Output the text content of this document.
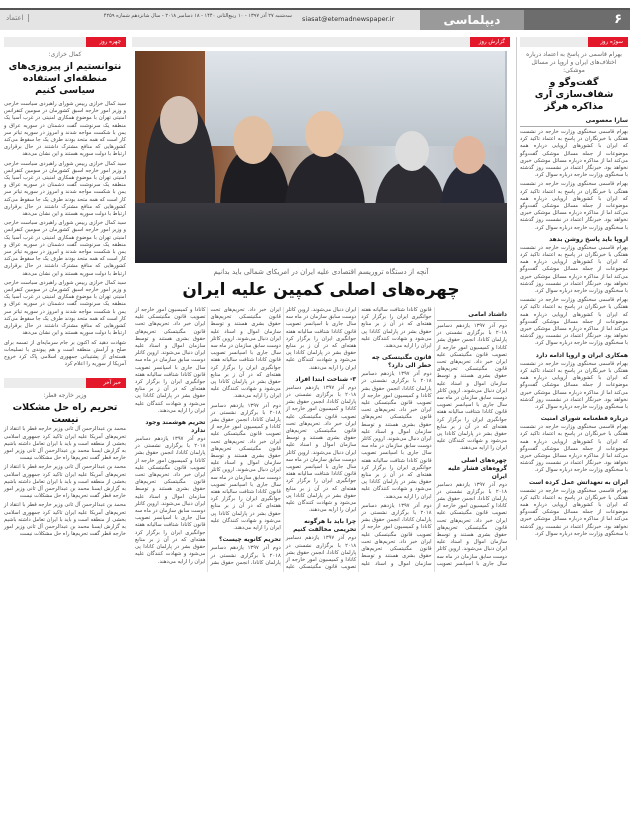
۶
دیپلماسی
siasat@etemadnewspaper.ir
سه‌شنبه ۲۷ آذر ۱۳۹۷ - ۱۰ ربیع‌الثانی ۱۴۴۰ - ۱۸ دسامبر ۲۰۱۸ - سال شانزدهم شماره ۴۲۵۹
اعتماد
چهره روز
کمال خرازی:
نتوانستیم از پیروزی‌های منطقه‌ای استفاده سیاسی کنیم

سید کمال خرازی رییس شورای راهبردی سیاست خارجی و وزیر امور خارجه اسبق کشورمان در سومین کنفرانس امنیتی تهران با موضوع همکاری امنیتی در غرب آسیا یک منطقه یک سرنوشت گفت دشمنان در سوریه عراق و یمن با شکست مواجه شدند و امروز در سوریه تیاتر سر کار است که همه متحد بودند طرف یک جا سقوط می‌کند کشورهایی که منافع مشترک داشتند در حال برقراری ارتباط با دولت سوریه هستند و این نشان می‌دهد

سید کمال خرازی رییس شورای راهبردی سیاست خارجی و وزیر امور خارجه اسبق کشورمان در سومین کنفرانس امنیتی تهران با موضوع همکاری امنیتی در غرب آسیا یک منطقه یک سرنوشت گفت دشمنان در سوریه عراق و یمن با شکست مواجه شدند و امروز در سوریه تیاتر سر کار است که همه متحد بودند طرف یک جا سقوط می‌کند کشورهایی که منافع مشترک داشتند در حال برقراری ارتباط با دولت سوریه هستند و این نشان می‌دهد

سید کمال خرازی رییس شورای راهبردی سیاست خارجی و وزیر امور خارجه اسبق کشورمان در سومین کنفرانس امنیتی تهران با موضوع همکاری امنیتی در غرب آسیا یک منطقه یک سرنوشت گفت دشمنان در سوریه عراق و یمن با شکست مواجه شدند و امروز در سوریه تیاتر سر کار است که همه متحد بودند طرف یک جا سقوط می‌کند کشورهایی که منافع مشترک داشتند در حال برقراری ارتباط با دولت سوریه هستند و این نشان می‌دهد

سید کمال خرازی رییس شورای راهبردی سیاست خارجی و وزیر امور خارجه اسبق کشورمان در سومین کنفرانس امنیتی تهران با موضوع همکاری امنیتی در غرب آسیا یک منطقه یک سرنوشت گفت دشمنان در سوریه عراق و یمن با شکست مواجه شدند و امروز در سوریه تیاتر سر کار است که همه متحد بودند طرف یک جا سقوط می‌کند کشورهایی که منافع مشترک داشتند در حال برقراری ارتباط با دولت سوریه هستند و این نشان می‌دهد

شهادت دهید که اکنون بر جام سرمایه‌ای از تسمه برای صلح و آرامش منطقه است و هم‌ پیوندی با تسلیحات هسته‌ای از پشتیبانی جمهوری اسلامی پاک کرد خروج آمریکا از سوریه را اعلام کرد

خبر آخر
وزیر خارجه قطر:
تحریم راه حل مشکلات نیست

محمد بن عبدالرحمن آل ثانی وزیر خارجه قطر با انتقاد از تحریم‌های آمریکا علیه ایران تاکید کرد جمهوری اسلامی بخشی از منطقه است و باید با ایران تعامل داشته باشیم به گزارش ایسنا محمد بن عبدالرحمن آل ثانی وزیر امور خارجه قطر گفت تحریم‌ها راه حل مشکلات نیست

محمد بن عبدالرحمن آل ثانی وزیر خارجه قطر با انتقاد از تحریم‌های آمریکا علیه ایران تاکید کرد جمهوری اسلامی بخشی از منطقه است و باید با ایران تعامل داشته باشیم به گزارش ایسنا محمد بن عبدالرحمن آل ثانی وزیر امور خارجه قطر گفت تحریم‌ها راه حل مشکلات نیست

محمد بن عبدالرحمن آل ثانی وزیر خارجه قطر با انتقاد از تحریم‌های آمریکا علیه ایران تاکید کرد جمهوری اسلامی بخشی از منطقه است و باید با ایران تعامل داشته باشیم به گزارش ایسنا محمد بن عبدالرحمن آل ثانی وزیر امور خارجه قطر گفت تحریم‌ها راه حل مشکلات نیست

گزارش روز
آنچه از دستگاه تروریسم اقتصادی علیه ایران در امریکای شمالی باید بدانیم
چهره‌های اصلی کمپین علیه ایران
داشتاد امامی

دوم آذر ۱۳۹۷ یازدهم دسامبر ۲۰۱۸ با برگزاری نشستی در پارلمان کانادا، انجمن حقوق بشر کانادا و کمیسیون امور خارجه از تصویب قانون مگنیتسکی علیه ایران خبر داد. تحریم‌های تحت قانون مگنیتسکی تحریم‌های حقوق بشری هستند و توسط سازمان اموال و اسناد علیه ایران دنبال می‌شوند. اروین کاتلر دوست سابق سازمان در ماه سه سال جاری با اسپانسر تصویب قانون کانادا شتافت سالیانه هفته جوانگیری ایران را برگزار کرد هفته‌ای که در آن ز بر منابع حقوق بشر در پارلمان کانادا پی می‌شود و شهادت کنندگان علیه ایران را ارایه می‌دهند.

چهره‌های اصلی گروه‌های فشار علیه ایران

دوم آذر ۱۳۹۷ یازدهم دسامبر ۲۰۱۸ با برگزاری نشستی در پارلمان کانادا، انجمن حقوق بشر کانادا و کمیسیون امور خارجه از تصویب قانون مگنیتسکی علیه ایران خبر داد. تحریم‌های تحت قانون مگنیتسکی تحریم‌های حقوق بشری هستند و توسط سازمان اموال و اسناد علیه ایران دنبال می‌شوند. اروین کاتلر دوست سابق سازمان در ماه سه سال جاری با اسپانسر تصویب قانون کانادا شتافت سالیانه هفته جوانگیری ایران را برگزار کرد هفته‌ای که در آن ز بر منابع حقوق بشر در پارلمان کانادا پی می‌شود و شهادت کنندگان علیه ایران را ارایه می‌دهند.

قانون مگنیتسکی چه خطر الی دارد؟

دوم آذر ۱۳۹۷ یازدهم دسامبر ۲۰۱۸ با برگزاری نشستی در پارلمان کانادا، انجمن حقوق بشر کانادا و کمیسیون امور خارجه از تصویب قانون مگنیتسکی علیه ایران خبر داد. تحریم‌های تحت قانون مگنیتسکی تحریم‌های حقوق بشری هستند و توسط سازمان اموال و اسناد علیه ایران دنبال می‌شوند. اروین کاتلر دوست سابق سازمان در ماه سه سال جاری با اسپانسر تصویب قانون کانادا شتافت سالیانه هفته جوانگیری ایران را برگزار کرد هفته‌ای که در آن ز بر منابع حقوق بشر در پارلمان کانادا پی می‌شود و شهادت کنندگان علیه ایران را ارایه می‌دهند.

دوم آذر ۱۳۹۷ یازدهم دسامبر ۲۰۱۸ با برگزاری نشستی در پارلمان کانادا، انجمن حقوق بشر کانادا و کمیسیون امور خارجه از تصویب قانون مگنیتسکی علیه ایران خبر داد. تحریم‌های تحت قانون مگنیتسکی تحریم‌های حقوق بشری هستند و توسط سازمان اموال و اسناد علیه ایران دنبال می‌شوند. اروین کاتلر دوست سابق سازمان در ماه سه سال جاری با اسپانسر تصویب قانون کانادا شتافت سالیانه هفته جوانگیری ایران را برگزار کرد هفته‌ای که در آن ز بر منابع حقوق بشر در پارلمان کانادا پی می‌شود و شهادت کنندگان علیه ایران را ارایه می‌دهند.

۳- شناخت ابتدا افراد

دوم آذر ۱۳۹۷ یازدهم دسامبر ۲۰۱۸ با برگزاری نشستی در پارلمان کانادا، انجمن حقوق بشر کانادا و کمیسیون امور خارجه از تصویب قانون مگنیتسکی علیه ایران خبر داد. تحریم‌های تحت قانون مگنیتسکی تحریم‌های حقوق بشری هستند و توسط سازمان اموال و اسناد علیه ایران دنبال می‌شوند. اروین کاتلر دوست سابق سازمان در ماه سه سال جاری با اسپانسر تصویب قانون کانادا شتافت سالیانه هفته جوانگیری ایران را برگزار کرد هفته‌ای که در آن ز بر منابع حقوق بشر در پارلمان کانادا پی می‌شود و شهادت کنندگان علیه ایران را ارایه می‌دهند.

چرا باید با هرگونه تحریمی مخالفت کنیم

دوم آذر ۱۳۹۷ یازدهم دسامبر ۲۰۱۸ با برگزاری نشستی در پارلمان کانادا، انجمن حقوق بشر کانادا و کمیسیون امور خارجه از تصویب قانون مگنیتسکی علیه ایران خبر داد. تحریم‌های تحت قانون مگنیتسکی تحریم‌های حقوق بشری هستند و توسط سازمان اموال و اسناد علیه ایران دنبال می‌شوند. اروین کاتلر دوست سابق سازمان در ماه سه سال جاری با اسپانسر تصویب قانون کانادا شتافت سالیانه هفته جوانگیری ایران را برگزار کرد هفته‌ای که در آن ز بر منابع حقوق بشر در پارلمان کانادا پی می‌شود و شهادت کنندگان علیه ایران را ارایه می‌دهند.

دوم آذر ۱۳۹۷ یازدهم دسامبر ۲۰۱۸ با برگزاری نشستی در پارلمان کانادا، انجمن حقوق بشر کانادا و کمیسیون امور خارجه از تصویب قانون مگنیتسکی علیه ایران خبر داد. تحریم‌های تحت قانون مگنیتسکی تحریم‌های حقوق بشری هستند و توسط سازمان اموال و اسناد علیه ایران دنبال می‌شوند. اروین کاتلر دوست سابق سازمان در ماه سه سال جاری با اسپانسر تصویب قانون کانادا شتافت سالیانه هفته جوانگیری ایران را برگزار کرد هفته‌ای که در آن ز بر منابع حقوق بشر در پارلمان کانادا پی می‌شود و شهادت کنندگان علیه ایران را ارایه می‌دهند.

تحریم کانویه چیست؟

دوم آذر ۱۳۹۷ یازدهم دسامبر ۲۰۱۸ با برگزاری نشستی در پارلمان کانادا، انجمن حقوق بشر کانادا و کمیسیون امور خارجه از تصویب قانون مگنیتسکی علیه ایران خبر داد. تحریم‌های تحت قانون مگنیتسکی تحریم‌های حقوق بشری هستند و توسط سازمان اموال و اسناد علیه ایران دنبال می‌شوند. اروین کاتلر دوست سابق سازمان در ماه سه سال جاری با اسپانسر تصویب قانون کانادا شتافت سالیانه هفته جوانگیری ایران را برگزار کرد هفته‌ای که در آن ز بر منابع حقوق بشر در پارلمان کانادا پی می‌شود و شهادت کنندگان علیه ایران را ارایه می‌دهند.

تحریم هوشمند وجود ندارد

دوم آذر ۱۳۹۷ یازدهم دسامبر ۲۰۱۸ با برگزاری نشستی در پارلمان کانادا، انجمن حقوق بشر کانادا و کمیسیون امور خارجه از تصویب قانون مگنیتسکی علیه ایران خبر داد. تحریم‌های تحت قانون مگنیتسکی تحریم‌های حقوق بشری هستند و توسط سازمان اموال و اسناد علیه ایران دنبال می‌شوند. اروین کاتلر دوست سابق سازمان در ماه سه سال جاری با اسپانسر تصویب قانون کانادا شتافت سالیانه هفته جوانگیری ایران را برگزار کرد هفته‌ای که در آن ز بر منابع حقوق بشر در پارلمان کانادا پی می‌شود و شهادت کنندگان علیه ایران را ارایه می‌دهند.

سوژه روز
بهرام قاسمی در پاسخ به اعتماد درباره اختلاف‌های ایران و اروپا در مسائل موشکی:
گفت‌وگو و شفاف‌سازی آری مذاکره هرگز
سارا معصومی

بهرام قاسمی سخنگوی وزارت خارجه در نشست هفتگی با خبرنگاران در پاسخ به اعتماد تاکید کرد که ایران با کشورهای اروپایی درباره همه موضوعات از جمله مسائل موشکی گفت‌وگو می‌کند اما از مذاکره درباره مسائل موشکی خبری نخواهد بود. خبرنگار اعتماد در نشست روز گذشته با سخنگوی وزارت خارجه درباره سوال کرد.

بهرام قاسمی سخنگوی وزارت خارجه در نشست هفتگی با خبرنگاران در پاسخ به اعتماد تاکید کرد که ایران با کشورهای اروپایی درباره همه موضوعات از جمله مسائل موشکی گفت‌وگو می‌کند اما از مذاکره درباره مسائل موشکی خبری نخواهد بود. خبرنگار اعتماد در نشست روز گذشته با سخنگوی وزارت خارجه درباره سوال کرد.

اروپا باید پاسخ روشن بدهد

بهرام قاسمی سخنگوی وزارت خارجه در نشست هفتگی با خبرنگاران در پاسخ به اعتماد تاکید کرد که ایران با کشورهای اروپایی درباره همه موضوعات از جمله مسائل موشکی گفت‌وگو می‌کند اما از مذاکره درباره مسائل موشکی خبری نخواهد بود. خبرنگار اعتماد در نشست روز گذشته با سخنگوی وزارت خارجه درباره سوال کرد.

بهرام قاسمی سخنگوی وزارت خارجه در نشست هفتگی با خبرنگاران در پاسخ به اعتماد تاکید کرد که ایران با کشورهای اروپایی درباره همه موضوعات از جمله مسائل موشکی گفت‌وگو می‌کند اما از مذاکره درباره مسائل موشکی خبری نخواهد بود. خبرنگار اعتماد در نشست روز گذشته با سخنگوی وزارت خارجه درباره سوال کرد.

همکاری ایران و اروپا ادامه دارد

بهرام قاسمی سخنگوی وزارت خارجه در نشست هفتگی با خبرنگاران در پاسخ به اعتماد تاکید کرد که ایران با کشورهای اروپایی درباره همه موضوعات از جمله مسائل موشکی گفت‌وگو می‌کند اما از مذاکره درباره مسائل موشکی خبری نخواهد بود. خبرنگار اعتماد در نشست روز گذشته با سخنگوی وزارت خارجه درباره سوال کرد.

درباره قطعنامه شورای امنیت

بهرام قاسمی سخنگوی وزارت خارجه در نشست هفتگی با خبرنگاران در پاسخ به اعتماد تاکید کرد که ایران با کشورهای اروپایی درباره همه موضوعات از جمله مسائل موشکی گفت‌وگو می‌کند اما از مذاکره درباره مسائل موشکی خبری نخواهد بود. خبرنگار اعتماد در نشست روز گذشته با سخنگوی وزارت خارجه درباره سوال کرد.

ایران به تعهداتش عمل کرده است

بهرام قاسمی سخنگوی وزارت خارجه در نشست هفتگی با خبرنگاران در پاسخ به اعتماد تاکید کرد که ایران با کشورهای اروپایی درباره همه موضوعات از جمله مسائل موشکی گفت‌وگو می‌کند اما از مذاکره درباره مسائل موشکی خبری نخواهد بود. خبرنگار اعتماد در نشست روز گذشته با سخنگوی وزارت خارجه درباره سوال کرد.
